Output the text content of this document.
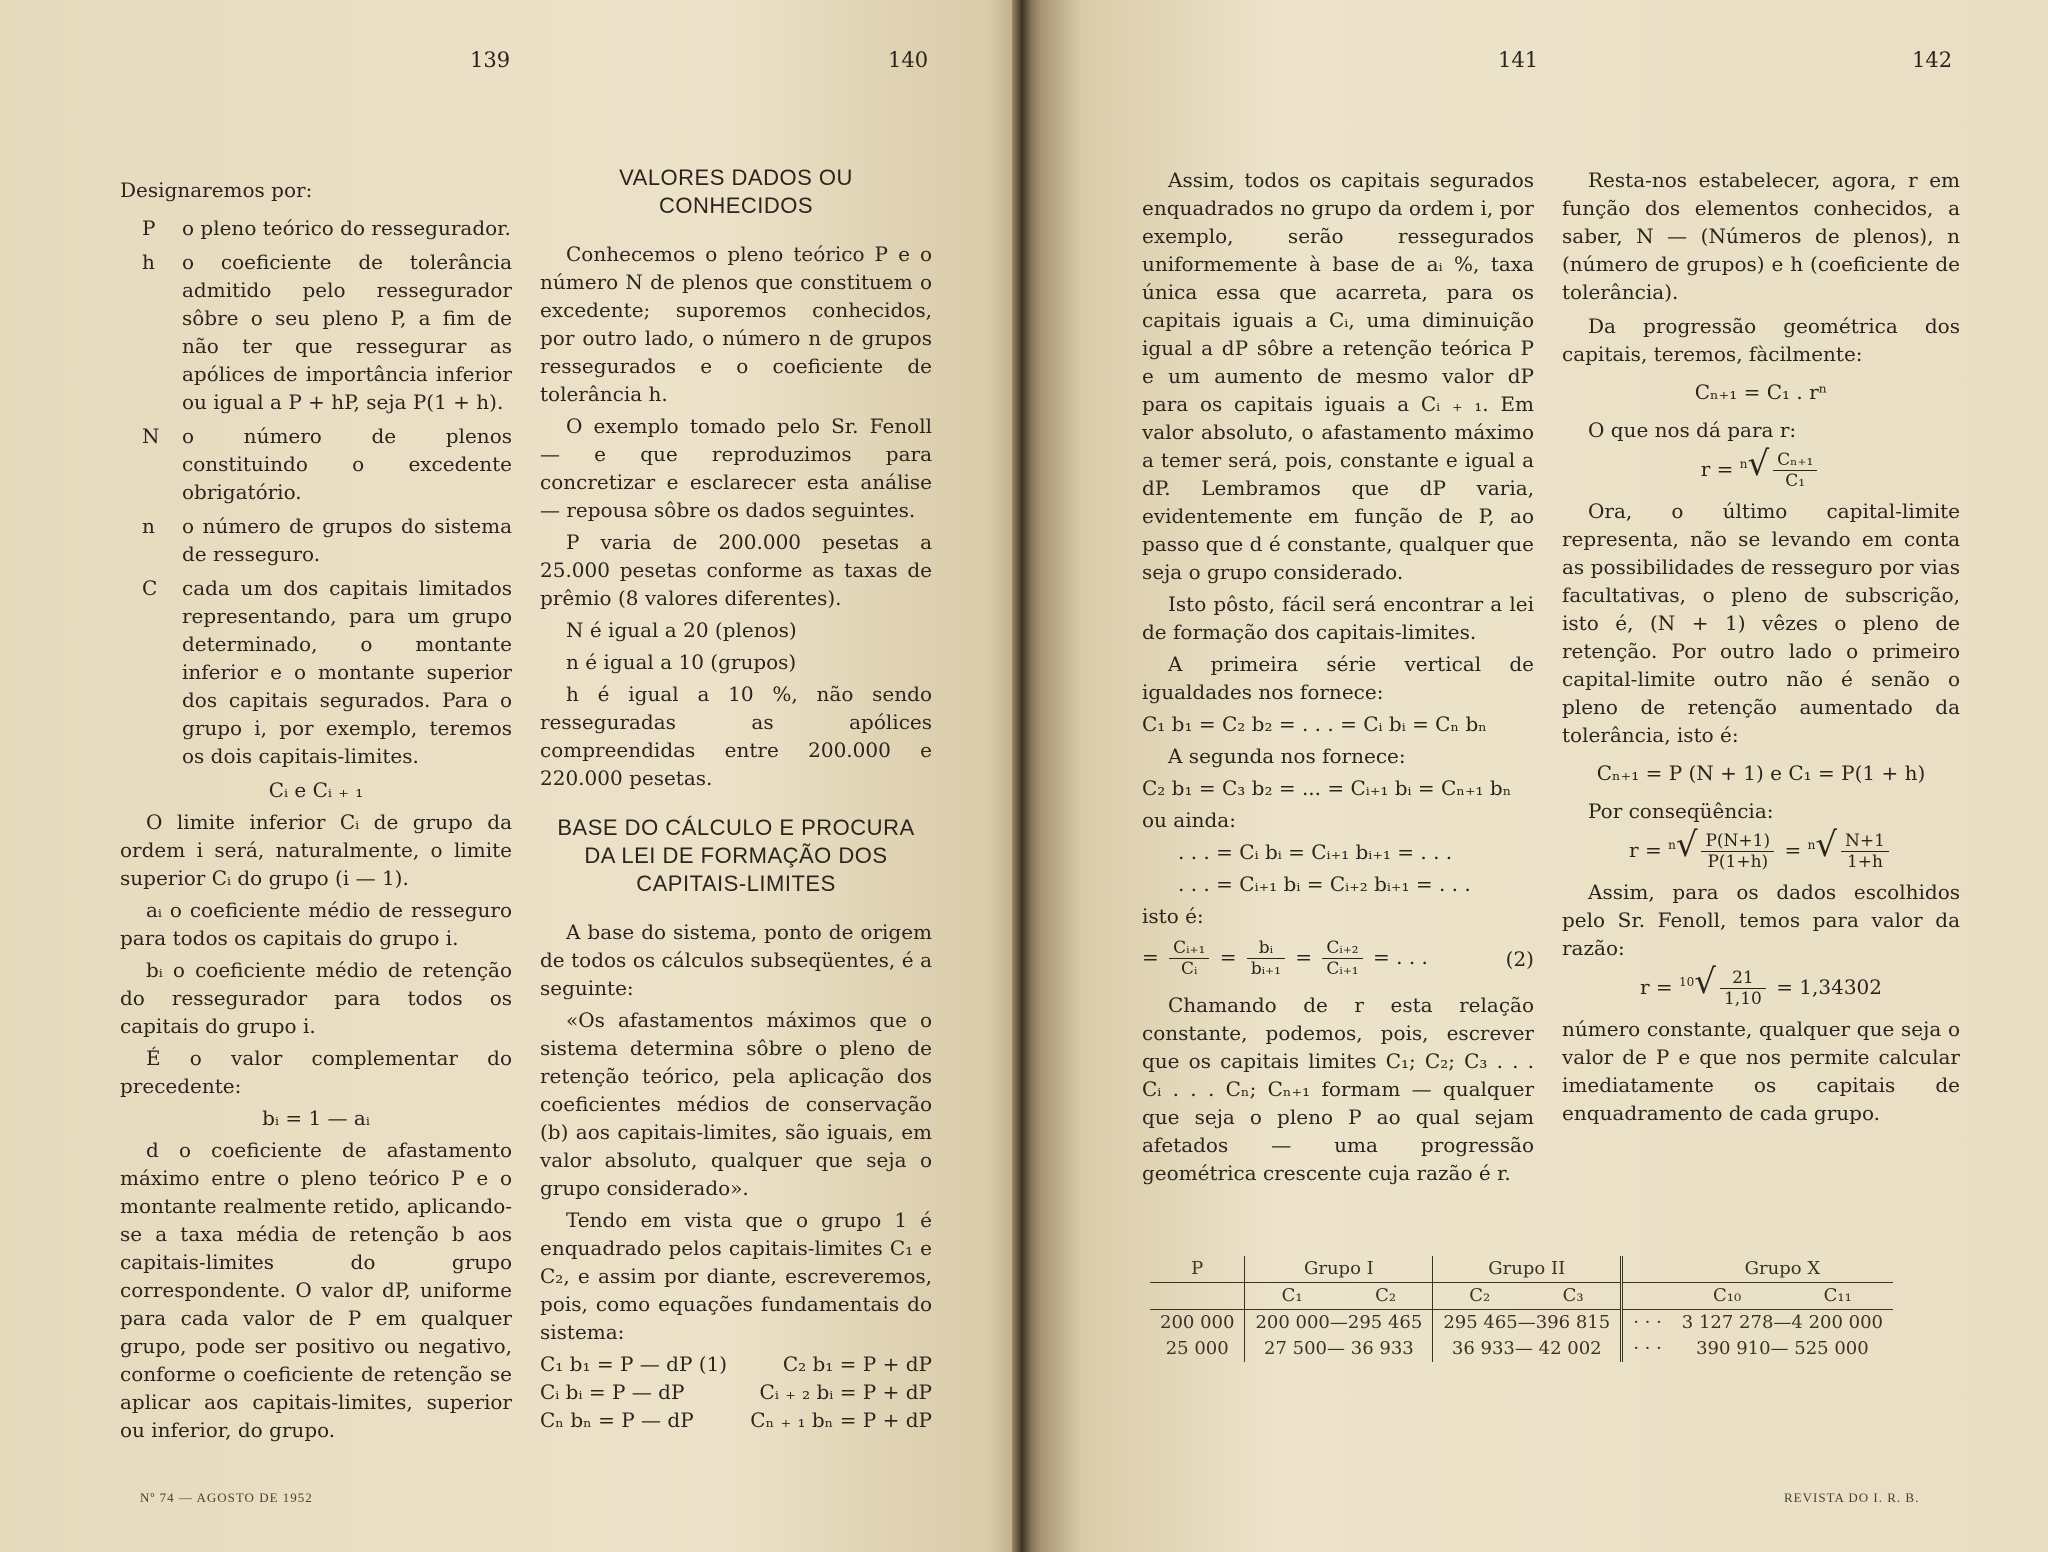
139	140	141	142

Designaremos por:

P	o pleno teórico do ressegurador.
h	o coeficiente de tolerância admitido pelo ressegurador sôbre o seu pleno P, a fim de não ter que ressegurar as apólices de importância inferior ou igual a P + hP, seja P(1 + h).
N	o número de plenos constituindo o excedente obrigatório.
n	o número de grupos do sistema de resseguro.
C	cada um dos capitais limitados representando, para um grupo determinado, o montante inferior e o montante superior dos capitais segurados. Para o grupo i, por exemplo, teremos os dois capitais-limites.

Cᵢ e Cᵢ ₊ ₁

O limite inferior Cᵢ de grupo da ordem i será, naturalmente, o limite superior Cᵢ do grupo (i — 1).

aᵢ o coeficiente médio de resseguro para todos os capitais do grupo i.

bᵢ o coeficiente médio de retenção do ressegurador para todos os capitais do grupo i.

É o valor complementar do precedente:

bᵢ = 1 — aᵢ

d o coeficiente de afastamento máximo entre o pleno teórico P e o montante realmente retido, aplicando-se a taxa média de retenção b aos capitais-limites do grupo correspondente. O valor dP, uniforme para cada valor de P em qualquer grupo, pode ser positivo ou negativo, conforme o coeficiente de retenção se aplicar aos capitais-limites, superior ou inferior, do grupo.

VALORES DADOS OU CONHECIDOS

Conhecemos o pleno teórico P e o número N de plenos que constituem o excedente; suporemos conhecidos, por outro lado, o número n de grupos ressegurados e o coeficiente de tolerância h.

O exemplo tomado pelo Sr. Fenoll — e que reproduzimos para concretizar e esclarecer esta análise — repousa sôbre os dados seguintes.

P varia de 200.000 pesetas a 25.000 pesetas conforme as taxas de prêmio (8 valores diferentes).

N é igual a 20 (plenos)

n é igual a 10 (grupos)

h é igual a 10 %, não sendo resseguradas as apólices compreendidas entre 200.000 e 220.000 pesetas.

BASE DO CÁLCULO E PROCURA DA LEI DE FORMAÇÃO DOS CAPITAIS-LIMITES

A base do sistema, ponto de origem de todos os cálculos subseqüentes, é a seguinte:

«Os afastamentos máximos que o sistema determina sôbre o pleno de retenção teórico, pela aplicação dos coeficientes médios de conservação (b) aos capitais-limites, são iguais, em valor absoluto, qualquer que seja o grupo considerado».

Tendo em vista que o grupo 1 é enquadrado pelos capitais-limites C₁ e C₂, e assim por diante, escreveremos, pois, como equações fundamentais do sistema:

C₁ b₁ = P — dP (1)	C₂ b₁ = P + dP
Cᵢ bᵢ = P — dP	Cᵢ ₊ ₂ bᵢ = P + dP
Cₙ bₙ = P — dP	Cₙ ₊ ₁ bₙ = P + dP

Assim, todos os capitais segurados enquadrados no grupo da ordem i, por exemplo, serão ressegurados uniformemente à base de aᵢ %, taxa única essa que acarreta, para os capitais iguais a Cᵢ, uma diminuição igual a dP sôbre a retenção teórica P e um aumento de mesmo valor dP para os capitais iguais a Cᵢ ₊ ₁. Em valor absoluto, o afastamento máximo a temer será, pois, constante e igual a dP. Lembramos que dP varia, evidentemente em função de P, ao passo que d é constante, qualquer que seja o grupo considerado.

Isto pôsto, fácil será encontrar a lei de formação dos capitais-limites.

A primeira série vertical de igualdades nos fornece:

C₁ b₁ = C₂ b₂ = . . . = Cᵢ bᵢ = Cₙ bₙ

A segunda nos fornece:

C₂ b₁ = C₃ b₂ = ... = Cᵢ₊₁ bᵢ = Cₙ₊₁ bₙ

ou ainda:

. . . = Cᵢ bᵢ = Cᵢ₊₁ bᵢ₊₁ = . . .

. . . = Cᵢ₊₁ bᵢ = Cᵢ₊₂ bᵢ₊₁ = . . .

isto é:

= $\frac{\text{Cᵢ₊₁}}{\text{Cᵢ}} = \frac{\text{bᵢ}}{\text{bᵢ₊₁}} = \frac{\text{Cᵢ₊₂}}{\text{Cᵢ₊₁}}$ = . . .	(2)

Chamando de r esta relação constante, podemos, pois, escrever que os capitais limites C₁; C₂; C₃ . . . Cᵢ . . . Cₙ; Cₙ₊₁ formam — qualquer que seja o pleno P ao qual sejam afetados — uma progressão geométrica crescente cuja razão é r.

Resta-nos estabelecer, agora, r em função dos elementos conhecidos, a saber, N — (Números de plenos), n (número de grupos) e h (coeficiente de tolerância).

Da progressão geométrica dos capitais, teremos, fàcilmente:

Cₙ₊₁ = C₁ . rⁿ

O que nos dá para r:

$r = ^n√ \frac{\text{Cₙ₊₁}}{\text{C₁}}$

Ora, o último capital-limite representa, não se levando em conta as possibilidades de resseguro por vias facultativas, o pleno de subscrição, isto é, (N + 1) vêzes o pleno de retenção. Por outro lado o primeiro capital-limite outro não é senão o pleno de retenção aumentado da tolerância, isto é:

Cₙ₊₁ = P (N + 1) e C₁ = P(1 + h)

Por conseqüência:

$r = ^n√ \frac{P(N+1)}{P(1+h)} = ^n√ \frac{N+1}{1+h}$

Assim, para os dados escolhidos pelo Sr. Fenoll, temos para valor da razão:

$r = ^{10}√ \frac{21}{1,10} = 1,34302$

número constante, qualquer que seja o valor de P e que nos permite calcular imediatamente os capitais de enquadramento de cada grupo.

P	Grupo I		Grupo II			Grupo X	
	C₁	C₂	C₂	C₃		C₁₀	C₁₁
200 000	200 000—295 465		295 465—396 815		· · ·	3 127 278—4 200 000	
25 000	27 500— 36 933		36 933— 42 002		· · ·	390 910— 525 000	
Nº 74 — AGOSTO DE 1952	REVISTA DO I. R. B.
